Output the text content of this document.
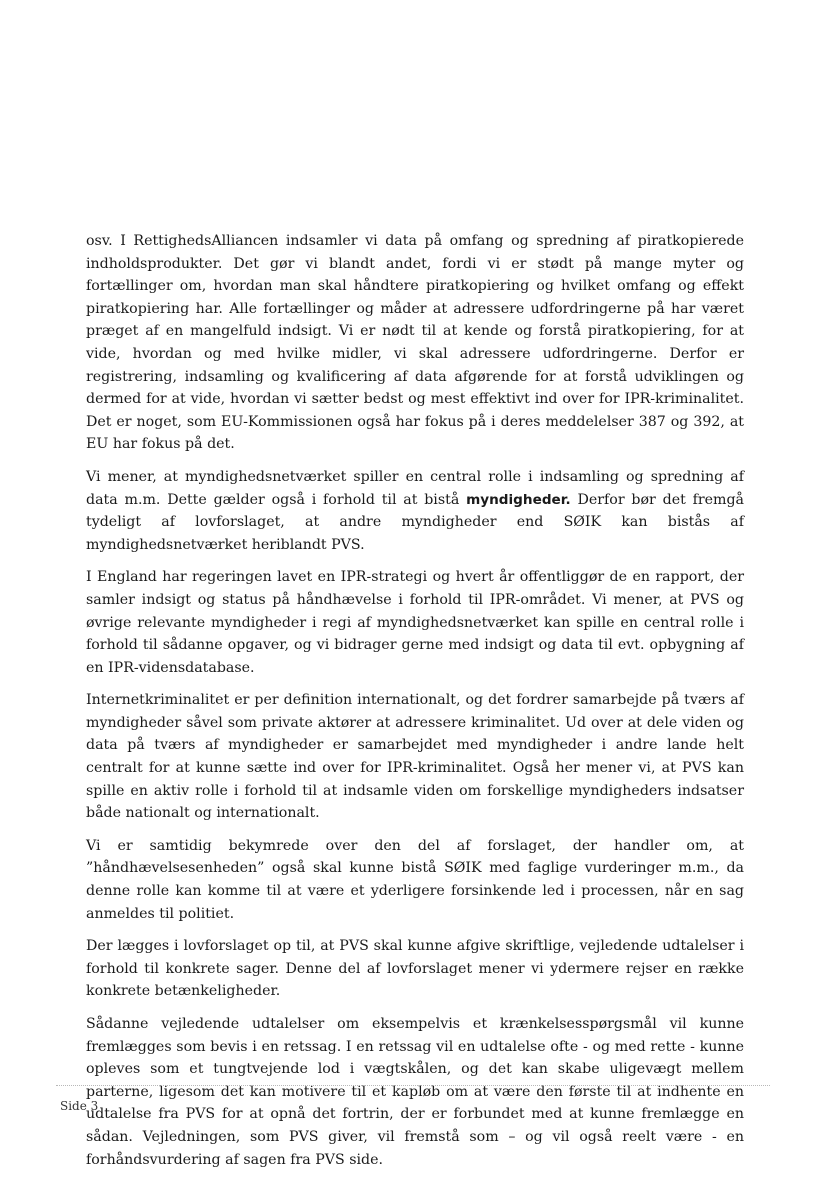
osv. I RettighedsAlliancen indsamler vi data på omfang og spredning af piratkopierede indholdsprodukter. Det gør vi blandt andet, fordi vi er stødt på mange myter og fortællinger om, hvordan man skal håndtere piratkopiering og hvilket omfang og effekt piratkopiering har. Alle fortællinger og måder at adressere udfordringerne på har været præget af en mangelfuld indsigt. Vi er nødt til at kende og forstå piratkopiering, for at vide, hvordan og med hvilke midler, vi skal adressere udfordringerne. Derfor er registrering, indsamling og kvalificering af data afgørende for at forstå udviklingen og dermed for at vide, hvordan vi sætter bedst og mest effektivt ind over for IPR-kriminalitet. Det er noget, som EU-Kommissionen også har fokus på i deres meddelelser 387 og 392, at EU har fokus på det.

Vi mener, at myndighedsnetværket spiller en central rolle i indsamling og spredning af data m.m. Dette gælder også i forhold til at bistå myndigheder. Derfor bør det fremgå tydeligt af lovforslaget, at andre myndigheder end SØIK kan bistås af myndighedsnetværket heriblandt PVS.

I England har regeringen lavet en IPR-strategi og hvert år offentliggør de en rapport, der samler indsigt og status på håndhævelse i forhold til IPR-området. Vi mener, at PVS og øvrige relevante myndigheder i regi af myndighedsnetværket kan spille en central rolle i forhold til sådanne opgaver, og vi bidrager gerne med indsigt og data til evt. opbygning af en IPR-vidensdatabase.

Internetkriminalitet er per definition internationalt, og det fordrer samarbejde på tværs af myndigheder såvel som private aktører at adressere kriminalitet. Ud over at dele viden og data på tværs af myndigheder er samarbejdet med myndigheder i andre lande helt centralt for at kunne sætte ind over for IPR-kriminalitet. Også her mener vi, at PVS kan spille en aktiv rolle i forhold til at indsamle viden om forskellige myndigheders indsatser både nationalt og internationalt.

Vi er samtidig bekymrede over den del af forslaget, der handler om, at ”håndhævelsesenheden” også skal kunne bistå SØIK med faglige vurderinger m.m., da denne rolle kan komme til at være et yderligere forsinkende led i processen, når en sag anmeldes til politiet.

Der lægges i lovforslaget op til, at PVS skal kunne afgive skriftlige, vejledende udtalelser i forhold til konkrete sager. Denne del af lovforslaget mener vi ydermere rejser en række konkrete betænkeligheder.

Sådanne vejledende udtalelser om eksempelvis et krænkelsesspørgsmål vil kunne fremlægges som bevis i en retssag. I en retssag vil en udtalelse ofte - og med rette - kunne opleves som et tungtvejende lod i vægtskålen, og det kan skabe uligevægt mellem parterne, ligesom det kan motivere til et kapløb om at være den første til at indhente en udtalelse fra PVS for at opnå det fortrin, der er forbundet med at kunne fremlægge en sådan. Vejledningen, som PVS giver, vil fremstå som – og vil også reelt være - en forhåndsvurdering af sagen fra PVS side.

Side 3
